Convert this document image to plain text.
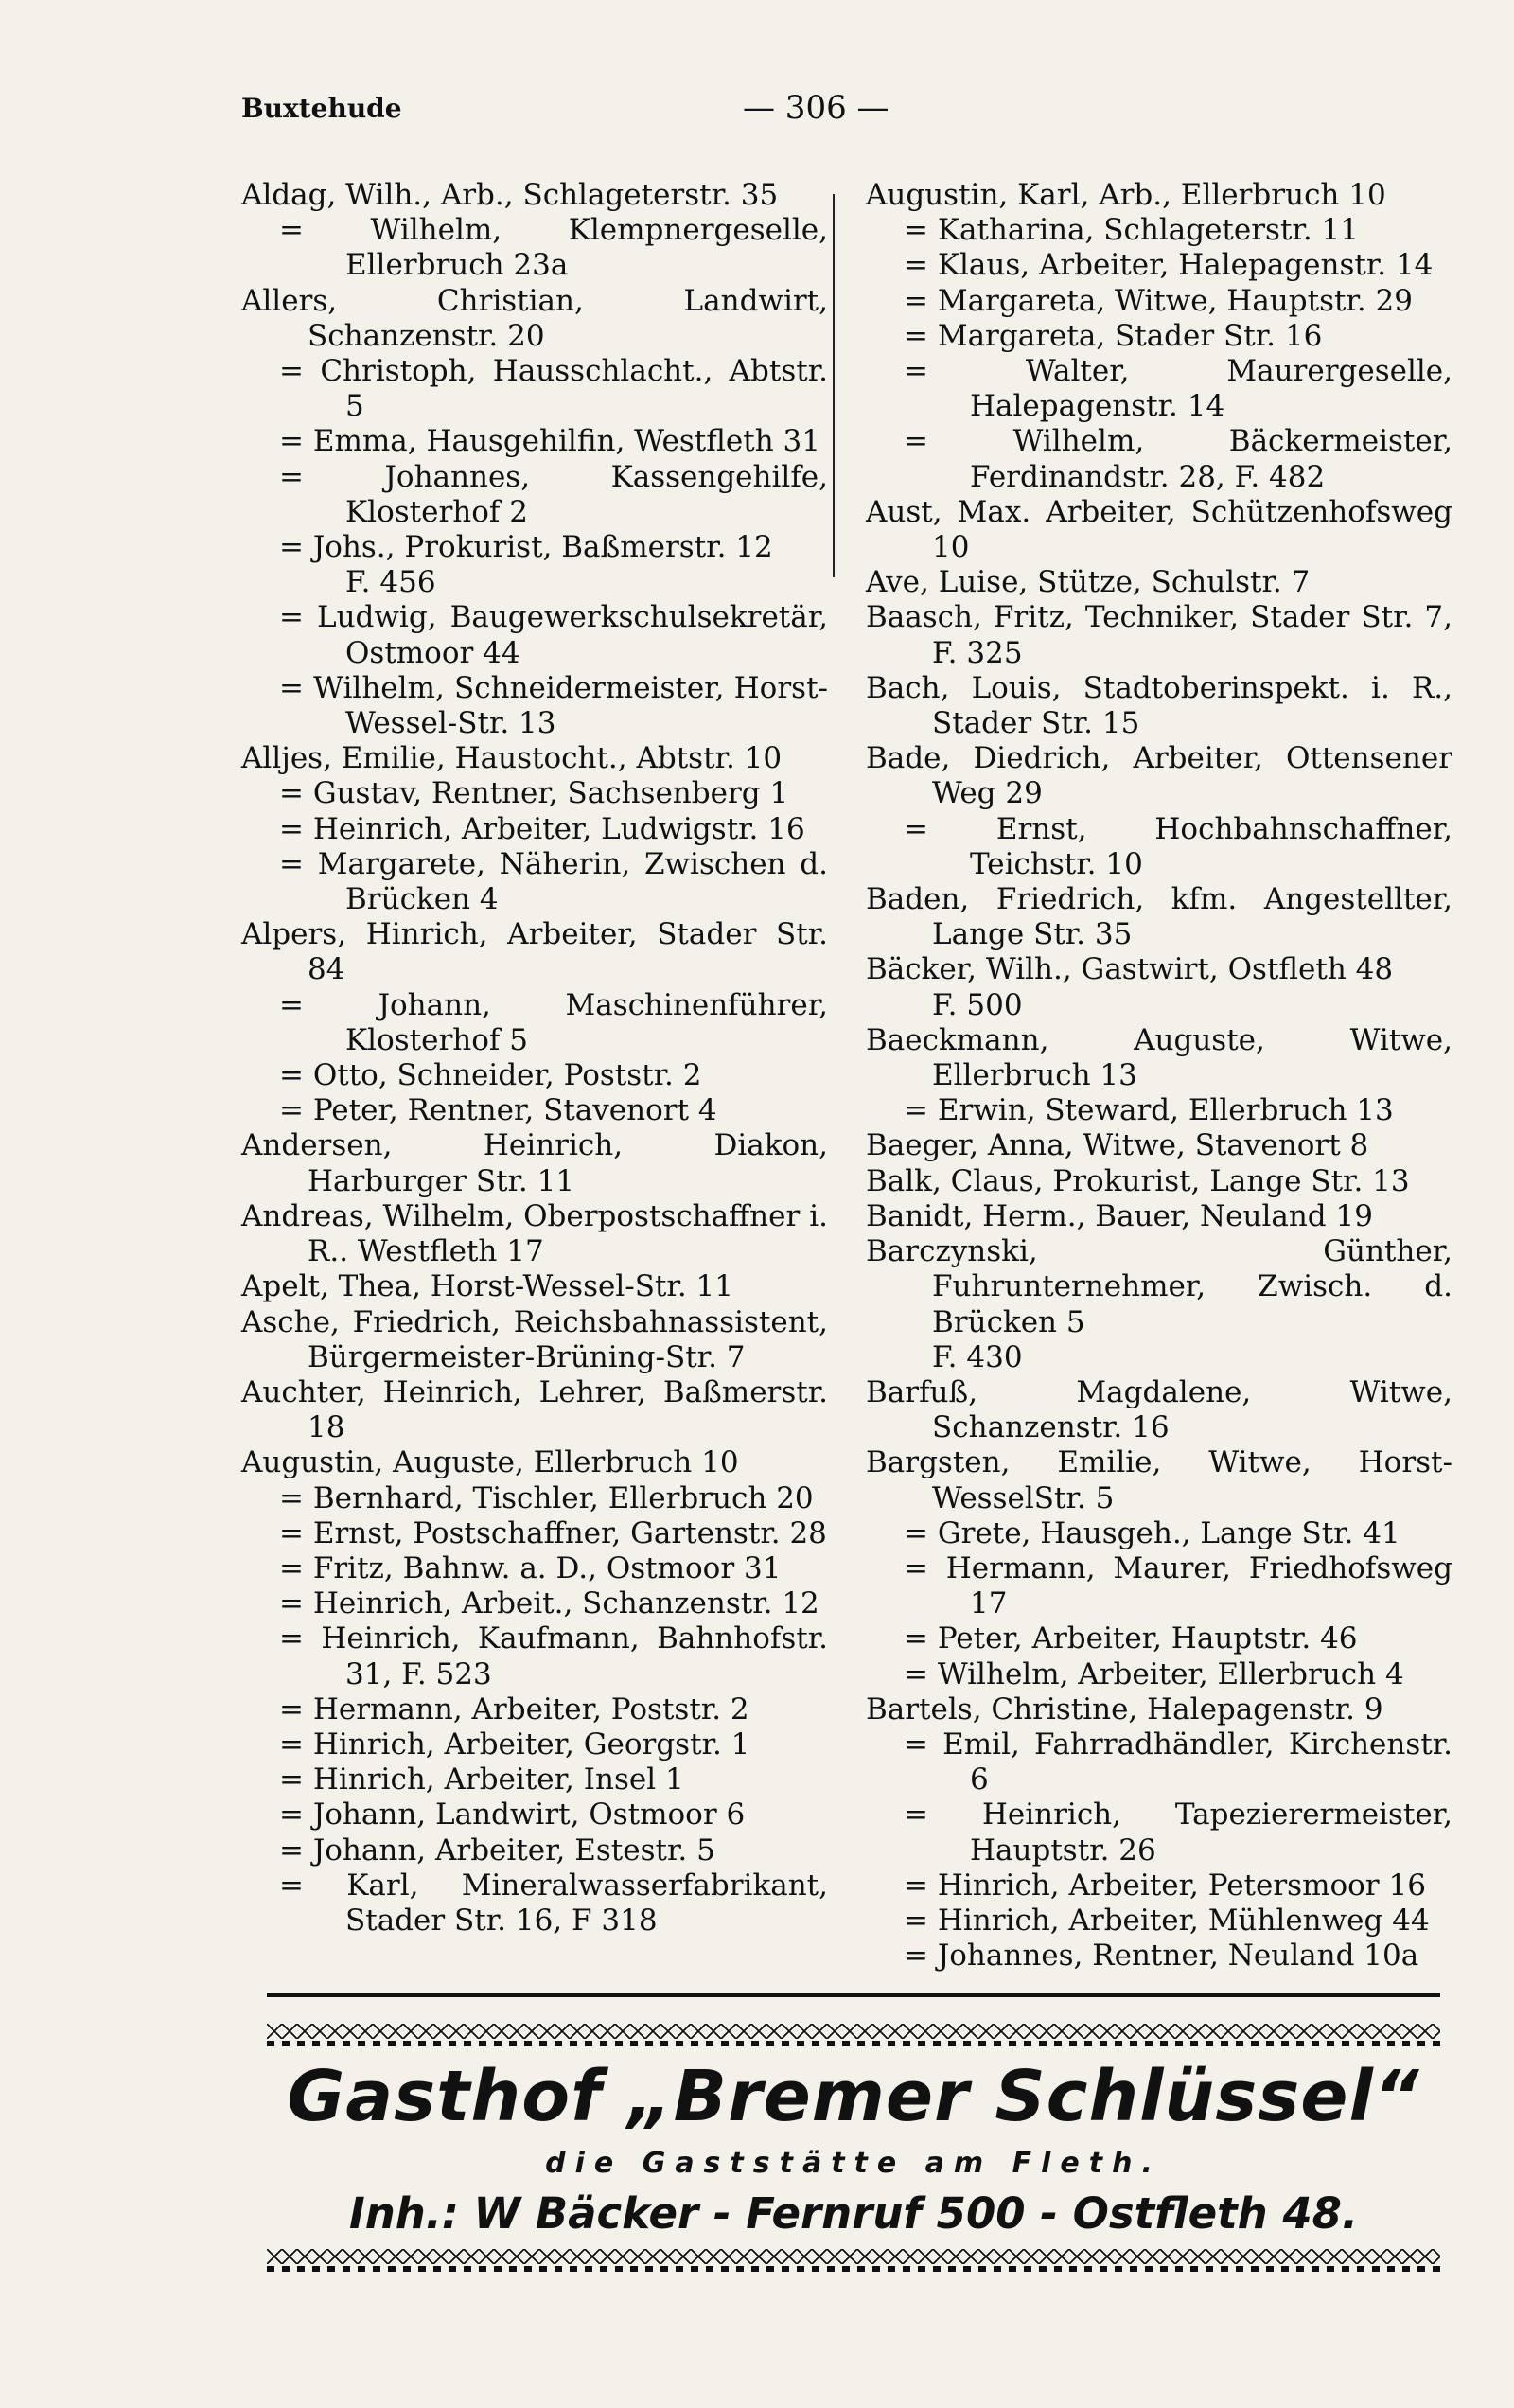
Buxtehude	— 306 —
Aldag, Wilh., Arb., Schlageterstr. 35
= Wilhelm, Klempnergeselle, Ellerbruch 23a
Allers, Christian, Landwirt, Schanzenstr. 20
= Christoph, Hausschlacht., Abtstr. 5
= Emma, Hausgehilfin, Westfleth 31
= Johannes, Kassengehilfe, Klosterhof 2
= Johs., Prokurist, Baßmerstr. 12
F. 456
= Ludwig, Baugewerkschulsekretär, Ostmoor 44
= Wilhelm, Schneidermeister, Horst-Wessel-Str. 13
Alljes, Emilie, Haustocht., Abtstr. 10
= Gustav, Rentner, Sachsenberg 1
= Heinrich, Arbeiter, Ludwigstr. 16
= Margarete, Näherin, Zwischen d. Brücken 4
Alpers, Hinrich, Arbeiter, Stader Str. 84
= Johann, Maschinenführer, Klosterhof 5
= Otto, Schneider, Poststr. 2
= Peter, Rentner, Stavenort 4
Andersen, Heinrich, Diakon, Harburger Str. 11
Andreas, Wilhelm, Oberpostschaffner i. R.. Westfleth 17
Apelt, Thea, Horst-Wessel-Str. 11
Asche, Friedrich, Reichsbahnassistent, Bürgermeister-Brüning-Str. 7
Auchter, Heinrich, Lehrer, Baßmerstr. 18
Augustin, Auguste, Ellerbruch 10
= Bernhard, Tischler, Ellerbruch 20
= Ernst, Postschaffner, Gartenstr. 28
= Fritz, Bahnw. a. D., Ostmoor 31
= Heinrich, Arbeit., Schanzenstr. 12
= Heinrich, Kaufmann, Bahnhofstr. 31, F. 523
= Hermann, Arbeiter, Poststr. 2
= Hinrich, Arbeiter, Georgstr. 1
= Hinrich, Arbeiter, Insel 1
= Johann, Landwirt, Ostmoor 6
= Johann, Arbeiter, Estestr. 5
= Karl, Mineralwasserfabrikant, Stader Str. 16, F 318
Augustin, Karl, Arb., Ellerbruch 10
= Katharina, Schlageterstr. 11
= Klaus, Arbeiter, Halepagenstr. 14
= Margareta, Witwe, Hauptstr. 29
= Margareta, Stader Str. 16
= Walter, Maurergeselle, Halepagenstr. 14
= Wilhelm, Bäckermeister, Ferdinandstr. 28, F. 482
Aust, Max. Arbeiter, Schützenhofsweg 10
Ave, Luise, Stütze, Schulstr. 7
Baasch, Fritz, Techniker, Stader Str. 7, F. 325
Bach, Louis, Stadtoberinspekt. i. R., Stader Str. 15
Bade, Diedrich, Arbeiter, Ottensener Weg 29
= Ernst, Hochbahnschaffner, Teichstr. 10
Baden, Friedrich, kfm. Angestellter, Lange Str. 35
Bäcker, Wilh., Gastwirt, Ostfleth 48
F. 500
Baeckmann, Auguste, Witwe, Ellerbruch 13
= Erwin, Steward, Ellerbruch 13
Baeger, Anna, Witwe, Stavenort 8
Balk, Claus, Prokurist, Lange Str. 13
Banidt, Herm., Bauer, Neuland 19
Barczynski, Günther, Fuhrunternehmer, Zwisch. d. Brücken 5
F. 430
Barfuß, Magdalene, Witwe, Schanzenstr. 16
Bargsten, Emilie, Witwe, Horst-WesselStr. 5
= Grete, Hausgeh., Lange Str. 41
= Hermann, Maurer, Friedhofsweg 17
= Peter, Arbeiter, Hauptstr. 46
= Wilhelm, Arbeiter, Ellerbruch 4
Bartels, Christine, Halepagenstr. 9
= Emil, Fahrradhändler, Kirchenstr. 6
= Heinrich, Tapezierermeister, Hauptstr. 26
= Hinrich, Arbeiter, Petersmoor 16
= Hinrich, Arbeiter, Mühlenweg 44
= Johannes, Rentner, Neuland 10a
Gasthof „Bremer Schlüssel“
die Gaststätte am Fleth.
Inh.: W Bäcker - Fernruf 500 - Ostfleth 48.
